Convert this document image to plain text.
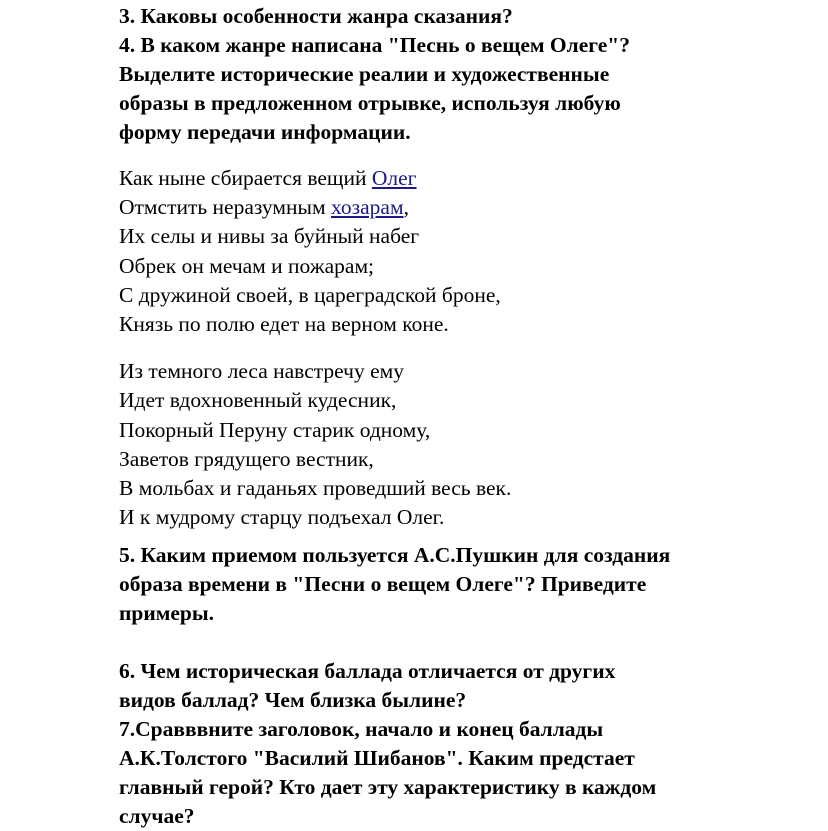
3. Каковы особенности жанра сказания?

4. В каком жанре написана "Песнь о вещем Олеге"?

Выделите исторические реалии и художественные

образы в предложенном отрывке, используя любую

форму передачи информации.

Как ныне сбирается вещий Олег
Отмстить неразумным хозарам,
Их селы и нивы за буйный набег
Обрек он мечам и пожарам;
С дружиной своей, в цареградской броне,
Князь по полю едет на верном коне.
Из темного леса навстречу ему
Идет вдохновенный кудесник,
Покорный Перуну старик одному,
Заветов грядущего вестник,
В мольбах и гаданьях проведший весь век.
И к мудрому старцу подъехал Олег.

5. Каким приемом пользуется А.С.Пушкин для создания

образа времени в "Песни о вещем Олеге"? Приведите

примеры.

6. Чем историческая баллада отличается от других

видов баллад? Чем близка былине?

7.Сравввните заголовок, начало и конец баллады

А.К.Толстого "Василий Шибанов". Каким предстает

главный герой? Кто дает эту характеристику в каждом

случае?
